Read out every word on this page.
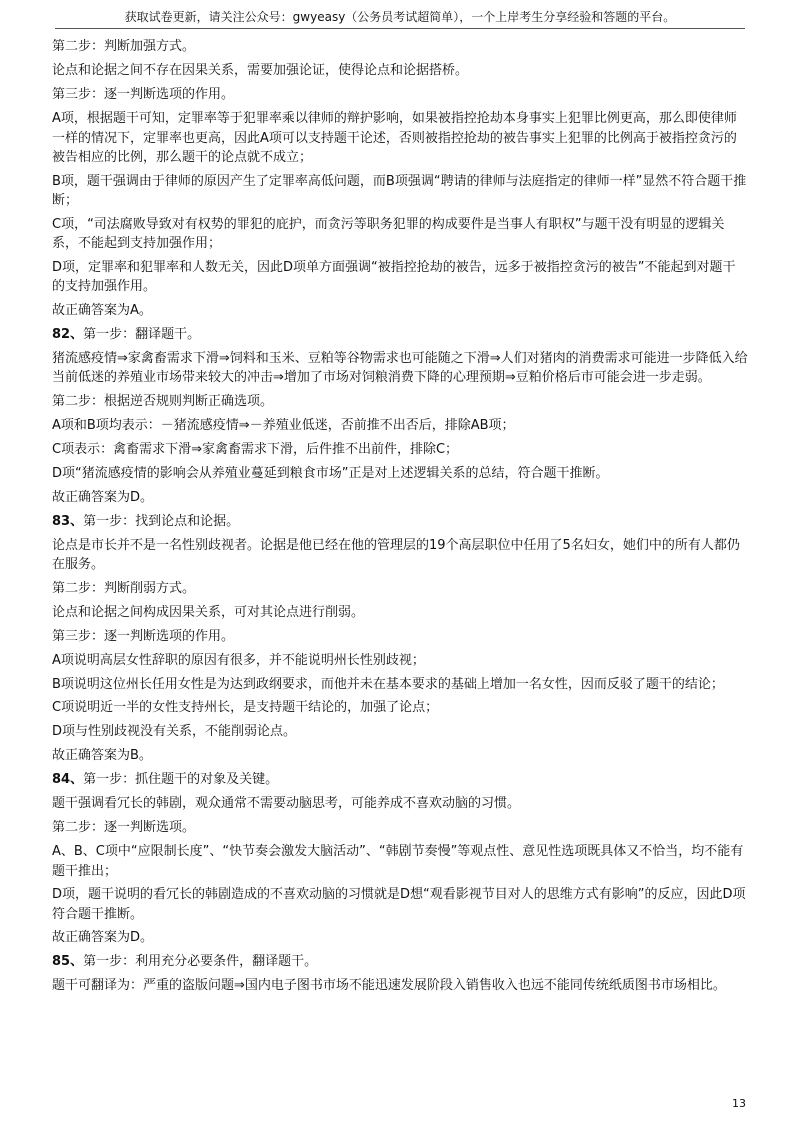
获取试卷更新，请关注公众号：gwyeasy（公务员考试超简单），一个上岸考生分享经验和答题的平台。
第二步：判断加强方式。
论点和论据之间不存在因果关系，需要加强论证，使得论点和论据搭桥。
第三步：逐一判断选项的作用。
A项，根据题干可知，定罪率等于犯罪率乘以律师的辩护影响，如果被指控抢劫本身事实上犯罪比例更高，那么即使律师一样的情况下，定罪率也更高，因此A项可以支持题干论述，否则被指控抢劫的被告事实上犯罪的比例高于被指控贪污的被告相应的比例，那么题干的论点就不成立；
B项，题干强调由于律师的原因产生了定罪率高低问题，而B项强调“聘请的律师与法庭指定的律师一样”显然不符合题干推断；
C项，“司法腐败导致对有权势的罪犯的庇护，而贪污等职务犯罪的构成要件是当事人有职权”与题干没有明显的逻辑关系，不能起到支持加强作用；
D项，定罪率和犯罪率和人数无关，因此D项单方面强调“被指控抢劫的被告，远多于被指控贪污的被告”不能起到对题干的支持加强作用。
故正确答案为A。
82、第一步：翻译题干。
猪流感疫情⇒家禽畜需求下滑⇒饲料和玉米、豆粕等谷物需求也可能随之下滑⇒人们对猪肉的消费需求可能进一步降低入给当前低迷的养殖业市场带来较大的冲击⇒增加了市场对饲粮消费下降的心理预期⇒豆粕价格后市可能会进一步走弱。
第二步：根据逆否规则判断正确选项。
A项和B项均表示：－猪流感疫情⇒－养殖业低迷，否前推不出否后，排除AB项；
C项表示：禽畜需求下滑⇒家禽畜需求下滑，后件推不出前件，排除C；
D项“猪流感疫情的影响会从养殖业蔓延到粮食市场”正是对上述逻辑关系的总结，符合题干推断。
故正确答案为D。
83、第一步：找到论点和论据。
论点是市长并不是一名性别歧视者。论据是他已经在他的管理层的19个高层职位中任用了5名妇女，她们中的所有人都仍在服务。
第二步：判断削弱方式。
论点和论据之间构成因果关系，可对其论点进行削弱。
第三步：逐一判断选项的作用。
A项说明高层女性辞职的原因有很多，并不能说明州长性别歧视；
B项说明这位州长任用女性是为达到政纲要求，而他并未在基本要求的基础上增加一名女性，因而反驳了题干的结论；
C项说明近一半的女性支持州长，是支持题干结论的，加强了论点；
D项与性别歧视没有关系，不能削弱论点。
故正确答案为B。
84、第一步：抓住题干的对象及关键。
题干强调看冗长的韩剧，观众通常不需要动脑思考，可能养成不喜欢动脑的习惯。
第二步：逐一判断选项。
A、B、C项中“应限制长度”、“快节奏会激发大脑活动”、“韩剧节奏慢”等观点性、意见性选项既具体又不恰当，均不能有题干推出；
D项，题干说明的看冗长的韩剧造成的不喜欢动脑的习惯就是D想“观看影视节目对人的思维方式有影响”的反应，因此D项符合题干推断。
故正确答案为D。
85、第一步：利用充分必要条件，翻译题干。
题干可翻译为：严重的盗版问题⇒国内电子图书市场不能迅速发展阶段入销售收入也远不能同传统纸质图书市场相比。
13
